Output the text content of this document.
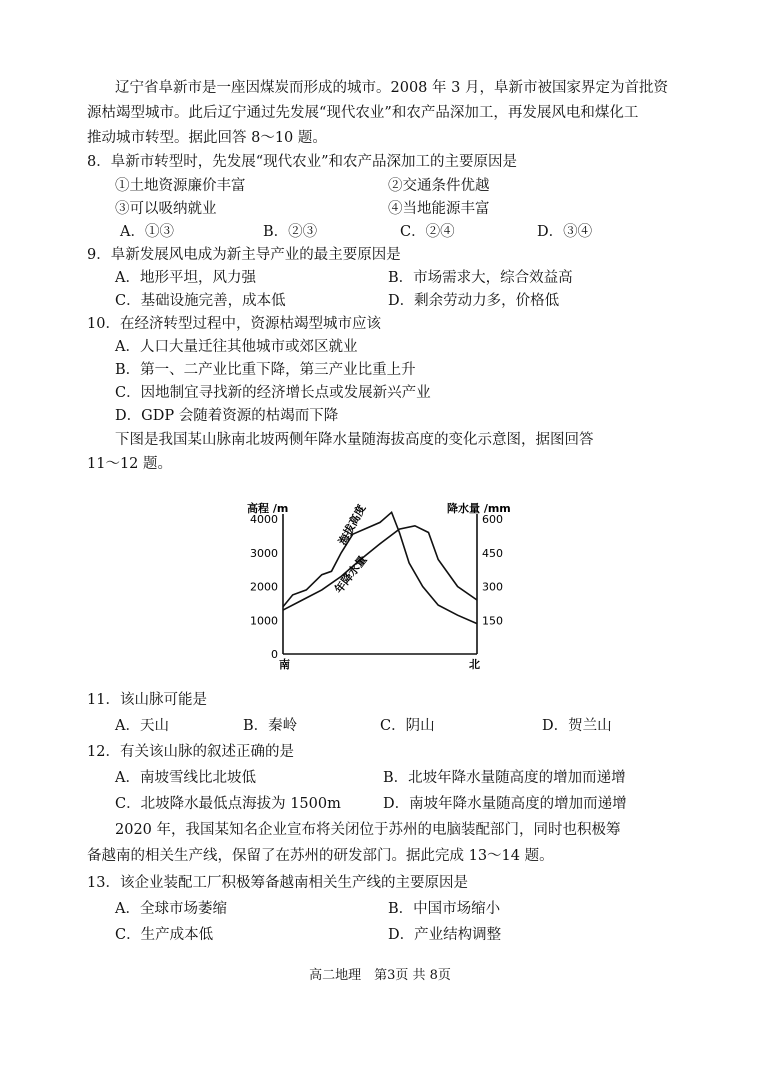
辽宁省阜新市是一座因煤炭而形成的城市。2008 年 3 月，阜新市被国家界定为首批资
源枯竭型城市。此后辽宁通过先发展“现代农业”和农产品深加工，再发展风电和煤化工
推动城市转型。据此回答 8～10 题。
8．阜新市转型时，先发展“现代农业”和农产品深加工的主要原因是
①土地资源廉价丰富	②交通条件优越
③可以吸纳就业	④当地能源丰富
A．①③	B．②③	C．②④	D．③④
9．阜新发展风电成为新主导产业的最主要原因是
A．地形平坦，风力强	B．市场需求大，综合效益高
C．基础设施完善，成本低	D．剩余劳动力多，价格低
10．在经济转型过程中，资源枯竭型城市应该
A．人口大量迁往其他城市或郊区就业
B．第一、二产业比重下降，第三产业比重上升
C．因地制宜寻找新的经济增长点或发展新兴产业
D．GDP 会随着资源的枯竭而下降
下图是我国某山脉南北坡两侧年降水量随海拔高度的变化示意图，据图回答
11～12 题。
高程 /m	降水量 /mm
4000
3000
2000
1000
0
600
450
300
150
海拔高度
年降水量
南	北
11．该山脉可能是
A．天山	B．秦岭	C．阴山	D．贺兰山
12．有关该山脉的叙述正确的是
A．南坡雪线比北坡低	B．北坡年降水量随高度的增加而递增
C．北坡降水最低点海拔为 1500m	D．南坡年降水量随高度的增加而递增
2020 年，我国某知名企业宣布将关闭位于苏州的电脑装配部门，同时也积极筹
备越南的相关生产线，保留了在苏州的研发部门。据此完成 13～14 题。
13．该企业装配工厂积极筹备越南相关生产线的主要原因是
A．全球市场萎缩	B．中国市场缩小
C．生产成本低	D．产业结构调整
高二地理　第3页 共 8页
